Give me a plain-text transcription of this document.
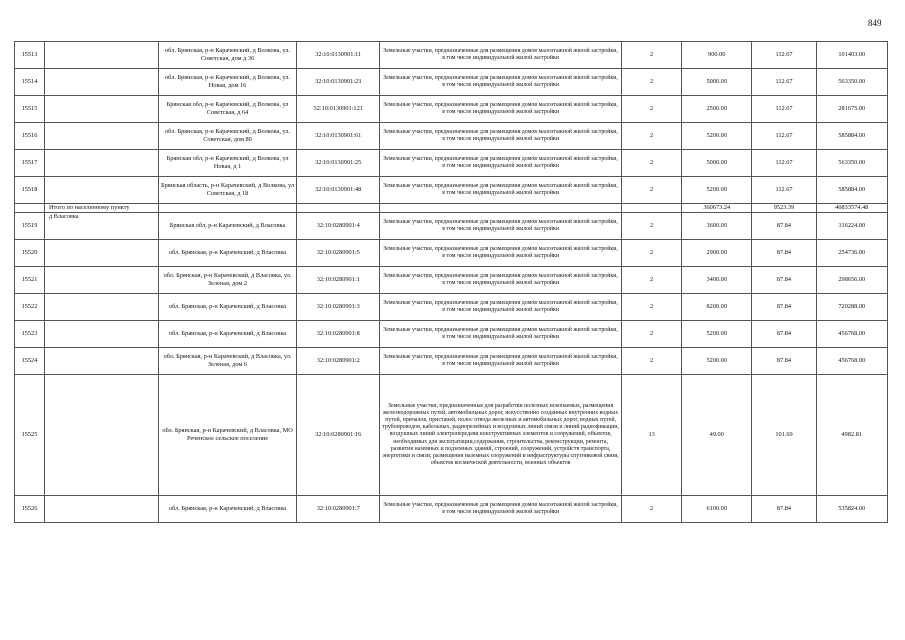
849
15513		обл. Брянская, р-н Карачевский, д Волкова, ул. Советская, дом д 36	32:10:0130901:11	Земельные участки, предназначенные для размещения домов малоэтажной жилой застройки, в том числе индивидуальной жилой застройки	2	900.00	112.67	101403.00
15514		обл. Брянская, р-н Карачевский, д Волкова, ул. Новая, дом 16	32:10:0130901:23	Земельные участки, предназначенные для размещения домов малоэтажной жилой застройки, в том числе индивидуальной жилой застройки	2	5000.00	112.67	563350.00
15515		Брянская обл, р-н Карачевский, д Волкова, ул Советская, д 64	32:10:0130901:121	Земельные участки, предназначенные для размещения домов малоэтажной жилой застройки, в том числе индивидуальной жилой застройки	2	2500.00	112.67	281675.00
15516		обл. Брянская, р-н Карачевский, д Волкова, ул. Советская, дом 80	32:10:0130901:61	Земельные участки, предназначенные для размещения домов малоэтажной жилой застройки, в том числе индивидуальной жилой застройки	2	5200.00	112.67	585884.00
15517		Брянская обл, р-н Карачевский, д Волкова, ул Новая, д 1	32:10:0130901:25	Земельные участки, предназначенные для размещения домов малоэтажной жилой застройки, в том числе индивидуальной жилой застройки	2	5000.00	112.67	563350.00
15518		Брянская область, р-н Карачевский, д Волкова, ул Советская, д 18	32:10:0130901:48	Земельные участки, предназначенные для размещения домов малоэтажной жилой застройки, в том числе индивидуальной жилой застройки	2	5200.00	112.67	585884.00
	Итого по населенному пункту					360673.24	9523.39	40833574.48
15519	д Власовка	Брянская обл, р-н Карачевский, д Власовка	32:10:0280901:4	Земельные участки, предназначенные для размещения домов малоэтажной жилой застройки, в том числе индивидуальной жилой застройки	2	3600.00	87.84	316224.00
15520		обл. Брянская, р-н Карачевский, д Власовка	32:10:0280901:5	Земельные участки, предназначенные для размещения домов малоэтажной жилой застройки, в том числе индивидуальной жилой застройки	2	2900.00	87.84	254736.00
15521		обл. Брянская, р-н Карачевский, д Власовка, ул. Зеленая, дом 2	32:10:0280901:1	Земельные участки, предназначенные для размещения домов малоэтажной жилой застройки, в том числе индивидуальной жилой застройки	2	3400.00	87.84	298656.00
15522		обл. Брянская, р-н Карачевский, д Власовка	32:10:0280901:3	Земельные участки, предназначенные для размещения домов малоэтажной жилой застройки, в том числе индивидуальной жилой застройки	2	8200.00	87.84	720288.00
15523		обл. Брянская, р-н Карачевский, д Власовка	32:10:0280901:8	Земельные участки, предназначенные для размещения домов малоэтажной жилой застройки, в том числе индивидуальной жилой застройки	2	5200.00	87.84	456768.00
15524		обл. Брянская, р-н Карачевский, д Власовка, ул. Зеленая, дом 6	32:10:0280901:2	Земельные участки, предназначенные для размещения домов малоэтажной жилой застройки, в том числе индивидуальной жилой застройки	2	5200.00	87.84	456768.00
15525		обл. Брянская, р-н Карачевский, д Власовка, МО Реченское сельское поселение	32:10:0280901:16	Земельные участки, предназначенные для разработки полезных ископаемых, размещения железнодорожных путей, автомобильных дорог, искусственно созданных внутренних водных путей, причалов, пристаней, полос отвода железных и автомобильных дорог, водных путей, трубопроводов, кабельных, радиорелейных и воздушных линий связи и линий радиофикации, воздушных линий электропередачи конструктивных элементов и сооружений, объектов, необходимых для эксплуатации,содержания, строительства, реконструкции, ремонта, развития наземных и подземных зданий, строений, сооружений, устройств транспорта, энергетики и связи; размещения наземных сооружений и инфраструктуры спутниковой связи, объектов космической деятельности, военных объектов	13	49.00	101.69	4982.81
15526		обл. Брянская, р-н Карачевский, д Власовка	32:10:0280901:7	Земельные участки, предназначенные для размещения домов малоэтажной жилой застройки, в том числе индивидуальной жилой застройки	2	6100.00	87.84	535824.00
